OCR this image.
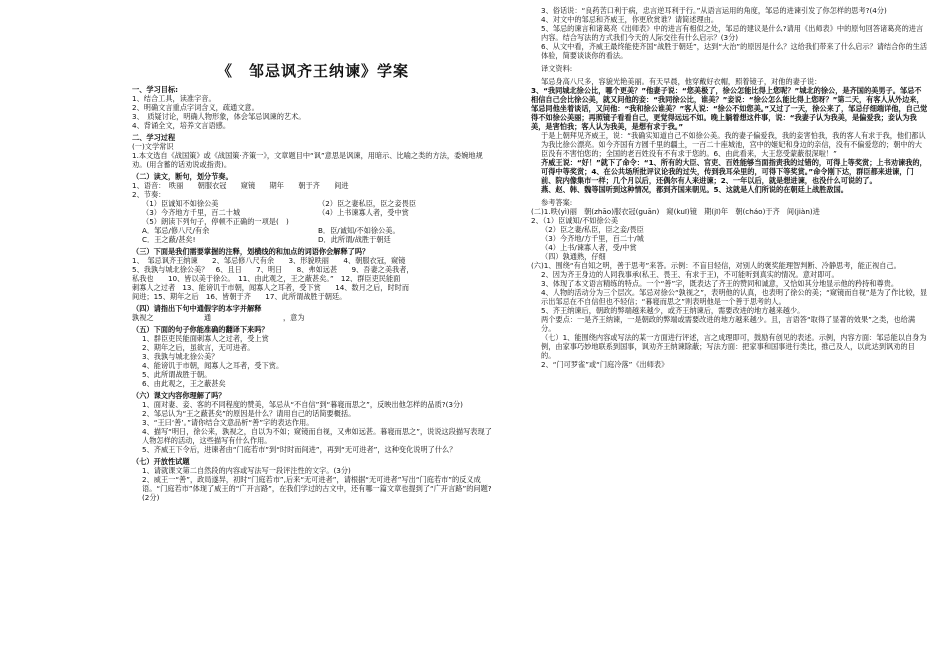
《　邹忌讽齐王纳谏》学案

一、学习目标:

1、结合工具，读准字音。

2、明确文言重点字词含义，疏通文意。

3、　质疑讨论，明确人物形象，体会邹忌讽谏的艺术。

4、背诵全文，培养文言语感。

二、学习过程

(一)文学常识

1.本文选自《战国策》或《战国策·齐策一》，文章题目中“讽”意思是讽谏，用暗示、比喻之类的方法，委婉地规劝。(用含蓄的话劝说或指责)。

（二）读文，断句，划分节奏。

1、语音：　昳丽　　朝服衣冠　　窥镜　　期年　　朝于齐　　间进

2、节奏：

（1）臣诚知不如徐公美	（2）臣之妻私臣，臣之妾畏臣
（3）今齐地方千里，百二十城	（4）上书谏寡人者，受中赏

（5）朗读下列句子，停顿不正确的一项是(　)

A．邹忌/修八尺/有余	B．臣/诚知/不如徐公美。
C．王之蔽/甚矣!	D．此所谓/战胜于朝廷

（三）下面是我们需要掌握的注释，划横线的和加点的词语你会解释了吗？

1、　邹忌讽齐王纳谏　　2、邹忌修八尺有余　　3、形貌昳丽　　4、朝服衣冠，窥镜

5、我孰与城北徐公美？　6、且日　　7、明日　　8、弗如远甚　　9、吾妻之美我者，

私我也　　10、皆以美于徐公。　11、由此观之，王之蔽甚矣。”　12、群臣吏民能面

刺寡人之过者　13、能谤讥于市朝，闻寡人之耳者，受下赏　　14、数月之后，时时而

间进；15、期年之后　16、皆朝于齐　　17、此所谓战胜于朝廷。

（四）请指出下句中通假字的本字并解释

孰视之　　　　　　　通　　　　　　　　　　，意为　　　　　　

（五）下面的句子你能准确的翻译下来吗？

1、群臣吏民能面刺寡人之过者，受上赏

2、期年之后，虽欲言，无可进者。

3、我孰与城北徐公美？

4、能谤讥于市朝，闻寡人之耳者，受下赏。

5、此所谓战胜于朝。

6、由此观之，王之蔽甚矣

（六）课文内容你理解了吗？

1、面对妻、妾、客的不同程度的赞美，邹忌从“不自信”到“暮寝而思之”，反映出他怎样的品质?(3分)

2、邹忌认为“王之蔽甚矣”的原因是什么？请用自己的话简要概括。

3、“王曰‘善’。”请你结合文意品析“善”字的表达作用。

4、描写“明日，徐公来，孰视之，自以为不如；窥镜而自视，又弗如远甚。暮寝而思之”，说说这段描写表现了人物怎样的活动，这些描写有什么作用。

5、齐威王下令后，进谏者由“门庭若市”到“时时而间进”，再到“无可进者”，这种变化说明了什么？

（七）开放性试题

1、请就课文第二自然段的内容或写法写一段评注性的文字。(3分)

2、威王一“善”，政局遂异，初时“门庭若市”,后来“无可进者”，请根据“无可进者”写出“门庭若市”的反义成语。“门庭若市”体现了威王的“广开言路”，在我们学过的古文中，还有哪一篇文章也提到了“广开言路”的问题?(2分)

3、俗话说：“良药苦口利于病，忠言逆耳利于行。”从语言运用的角度，邹忌的进谏引发了你怎样的思考?(4分)

4、对文中的邹忌和齐威王，你更欣赏谁？请简述理由。

5、邹忌的谏言和诸葛亮《出师表》中的进言有相似之处，邹忌的建议是什么?请用《出师表》中的原句回答诸葛亮的进言内容。结合写法的方式我们今天的人际交往有什么启示？(3分)

6、从文中看，齐威王最终能使齐国“战胜于朝廷”，达到“大治”的原因是什么？这给我们带来了什么启示？请结合你的生活体验，简要谈谈你的看法。

译文资料:

邹忌身高八尺多，容貌光艳美丽。有天早晨，他穿戴好衣帽，照着镜子，对他的妻子说：

3、“我同城北徐公比，哪个更美？”他妻子说：“您美极了，徐公怎能比得上您呢？”城北的徐公，是齐国的美男子。邹忌不相信自己会比徐公美，就又问他的妾：“我同徐公比，谁美？”妾说：“徐公怎么能比得上您呀？”第二天，有客人从外边来，邹忌同他坐着谈话，又问他：“我和徐公谁美？”客人说：“徐公不如您美。”又过了一天，徐公来了，邹忌仔细端详他，自己觉得不如徐公美丽；再照镜子看看自己，更觉得远远不如。晚上躺着想这件事，说：“我妻子认为我美，是偏爱我；妾认为我美，是害怕我；客人认为我美，是想有求于我。”

于是上朝拜见齐威王，说：“我确实知道自己不如徐公美。我的妻子偏爱我，我的妾害怕我，我的客人有求于我，他们都认为我比徐公漂亮。如今齐国有方圆千里的疆土，一百二十座城池，宫中的姬妃和身边的亲信，没有不偏爱您的；朝中的大臣没有不害怕您的；全国的老百姓没有不有求于您的。6、由此看来，大王您受蒙蔽很深啦！”

齐威王说：“好！”就下了命令：“1、所有的大臣、官吏、百姓能够当面指责我的过错的，可得上等奖赏；上书劝谏我的，可得中等奖赏；4、在公共场所批评议论我的过失，传到我耳朵里的，可得下等奖赏。”命令刚下达，群臣都来进谏，门前、院内像集市一样；几个月以后，还偶尔有人来进谏；2、一年以后，就是想进谏，也没什么可说的了。

燕、赵、韩、魏等国听到这种情况，都到齐国来朝见。5、这就是人们所说的在朝廷上战胜敌国。

参考答案:

(二)1.昳(yì)丽　朝(zhāo)服衣冠(guān)　窥(kuī)镜　期(jī)年　朝(cháo)于齐　间(jiàn)进

2、（1）臣诚知/不如徐公美

（2）臣之妻/私臣，臣之妾/畏臣

（3）今齐地/方千里，百二十/城

（4）上书/谏寡人者，受/中赏

（四）孰通熟，仔细

(六)1、围绕“有自知之明，善于思考”来答。示例：不盲目轻信，对别人的褒奖能理智判断、冷静思考，能正视自己。

2、因为齐王身边的人同我事承(私王、畏王、有求于王)，不可能听到真实的情况。意对即可。

3、体现了本文语言精练的特点。一个“善”字，既表达了齐王的赞同和诚意，又恰如其分地显示他的矜持和尊贵。

4、人物的活动分为三个层次。邹忌对徐公“孰视之”，表明他的认真，也表明了徐公的美；“窥镜而自视”是为了作比较，显示出邹忌在不自信但也不轻信；“暮寝而思之”则表明他是一个善于思考的人。

5、齐王纳谏后，朝政的弊端越来越少，或齐王纳谏后，需要改进的地方越来越少。

两个要点：一是齐王纳谏，一是朝政的弊端或需要改进的地方越来越少。且，言语答“取得了显著的效果”之类，也给满分。

（七）1、能围绕内容或写法的某一方面进行评述，言之成理即可，鼓励有创见的表述。示例，内容方面：邹忌能以自身为例，由家事巧妙地联系到国事，讽劝齐王纳谏除蔽；写法方面：把家事和国事进行类比，推己及人，以此达到讽劝的目的。

2、“门可罗雀”或“门庭冷落”《出师表》
